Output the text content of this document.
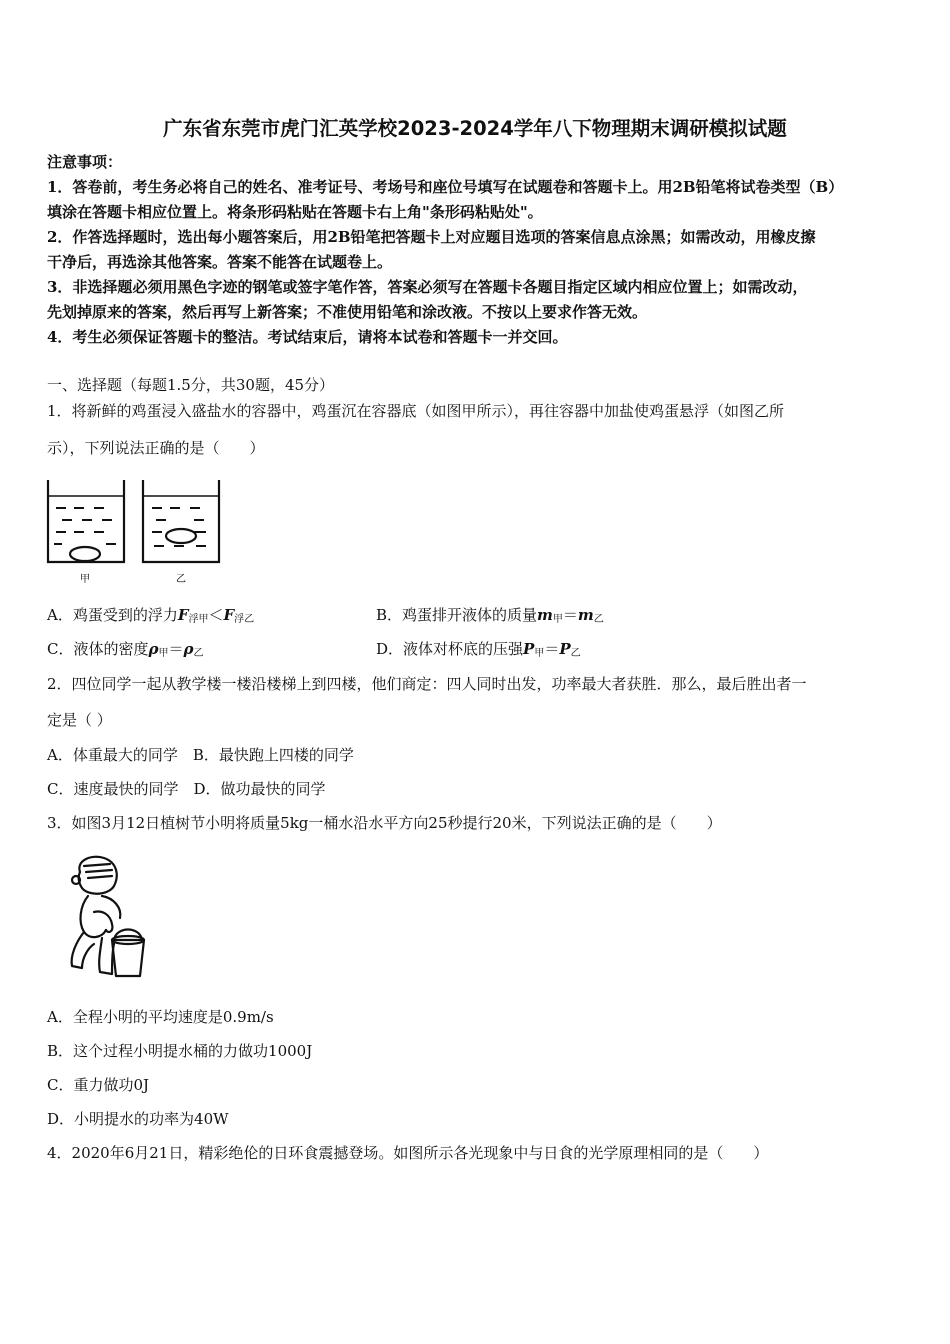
广东省东莞市虎门汇英学校2023-2024学年八下物理期末调研模拟试题
注意事项：
1．答卷前，考生务必将自己的姓名、准考证号、考场号和座位号填写在试题卷和答题卡上。用2B铅笔将试卷类型（B）
填涂在答题卡相应位置上。将条形码粘贴在答题卡右上角"条形码粘贴处"。
2．作答选择题时，选出每小题答案后，用2B铅笔把答题卡上对应题目选项的答案信息点涂黑；如需改动，用橡皮擦
干净后，再选涂其他答案。答案不能答在试题卷上。
3．非选择题必须用黑色字迹的钢笔或签字笔作答，答案必须写在答题卡各题目指定区域内相应位置上；如需改动，
先划掉原来的答案，然后再写上新答案；不准使用铅笔和涂改液。不按以上要求作答无效。
4．考生必须保证答题卡的整洁。考试结束后，请将本试卷和答题卡一并交回。
一、选择题（每题1.5分，共30题，45分）
1．将新鲜的鸡蛋浸入盛盐水的容器中，鸡蛋沉在容器底（如图甲所示），再往容器中加盐使鸡蛋悬浮（如图乙所
示），下列说法正确的是（　　）
甲	乙
A．鸡蛋受到的浮力$F_{浮甲}<F_{浮乙}$	B．鸡蛋排开液体的质量$m_甲=m_乙$
C．液体的密度$\rho_甲=\rho_乙$	D．液体对杯底的压强$P_甲=P_乙$
2．四位同学一起从教学楼一楼沿楼梯上到四楼，他们商定：四人同时出发，功率最大者获胜．那么，最后胜出者一
定是（ ）
A．体重最大的同学　B．最快跑上四楼的同学
C．速度最快的同学　D．做功最快的同学
3．如图3月12日植树节小明将质量5kg一桶水沿水平方向25秒提行20米，下列说法正确的是（　　）
A．全程小明的平均速度是0.9m/s
B．这个过程小明提水桶的力做功1000J
C．重力做功0J
D．小明提水的功率为40W
4．2020年6月21日，精彩绝伦的日环食震撼登场。如图所示各光现象中与日食的光学原理相同的是（　　）
